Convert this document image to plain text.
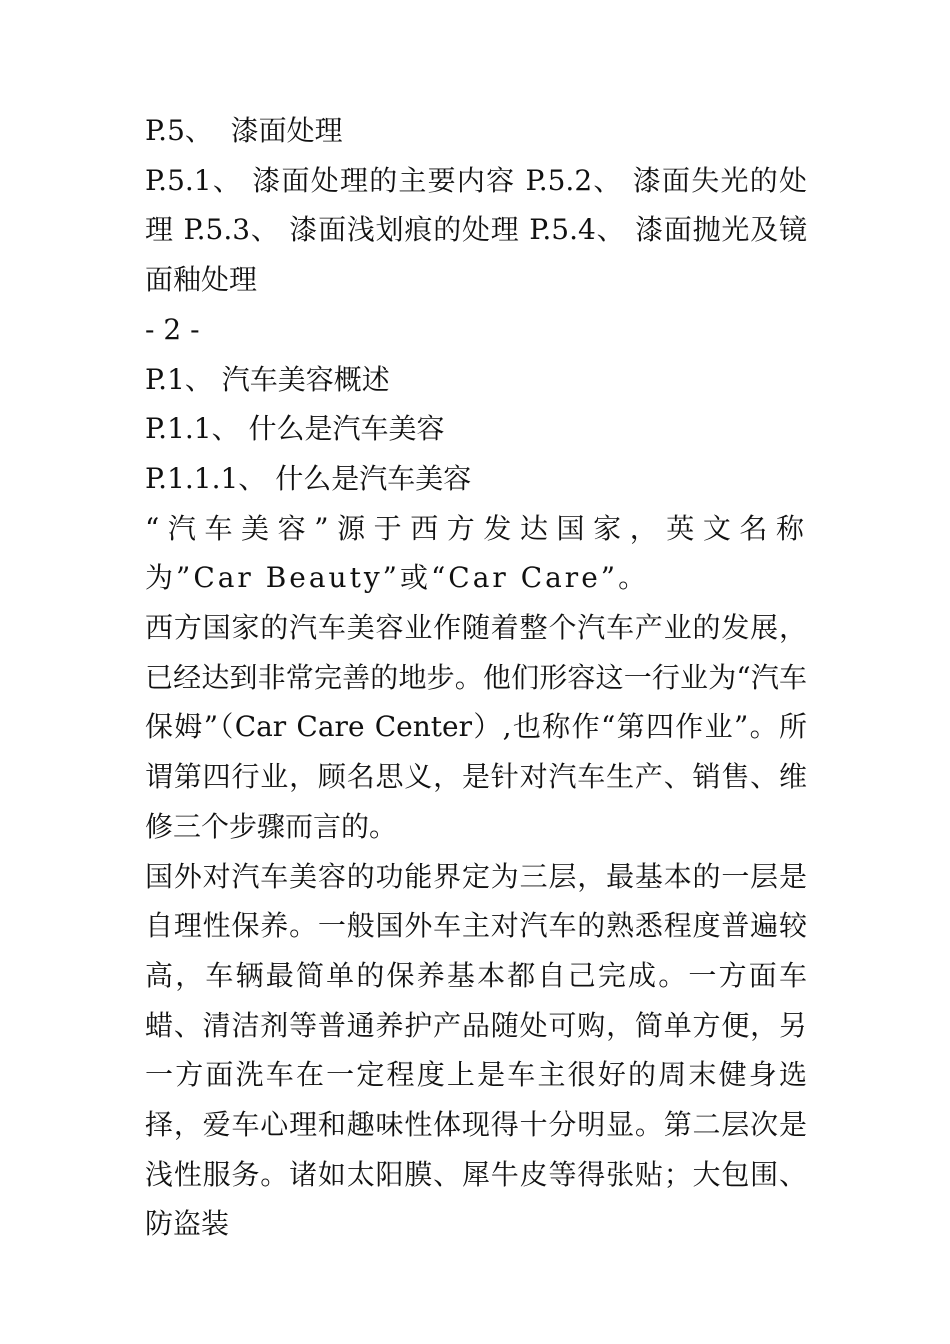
P.5、  漆面处理

P.5.1、 漆面处理的主要内容 P.5.2、 漆面失光的处理 P.5.3、 漆面浅划痕的处理 P.5.4、 漆面抛光及镜面釉处理

- 2 -

P.1、 汽车美容概述

P.1.1、 什么是汽车美容

P.1.1.1、 什么是汽车美容

“汽车美容”源于西方发达国家，英文名称为”Car Beauty”或“Car Care”。

西方国家的汽车美容业作随着整个汽车产业的发展，已经达到非常完善的地步。他们形容这一行业为“汽车保姆”（Car Care Center）,也称作“第四作业”。所谓第四行业，顾名思义，是针对汽车生产、销售、维修三个步骤而言的。

国外对汽车美容的功能界定为三层，最基本的一层是自理性保养。一般国外车主对汽车的熟悉程度普遍较高，车辆最简单的保养基本都自己完成。一方面车蜡、清洁剂等普通养护产品随处可购，简单方便，另一方面洗车在一定程度上是车主很好的周末健身选择，爱车心理和趣味性体现得十分明显。第二层次是浅性服务。诸如太阳膜、犀牛皮等得张贴；大包围、防盗装
